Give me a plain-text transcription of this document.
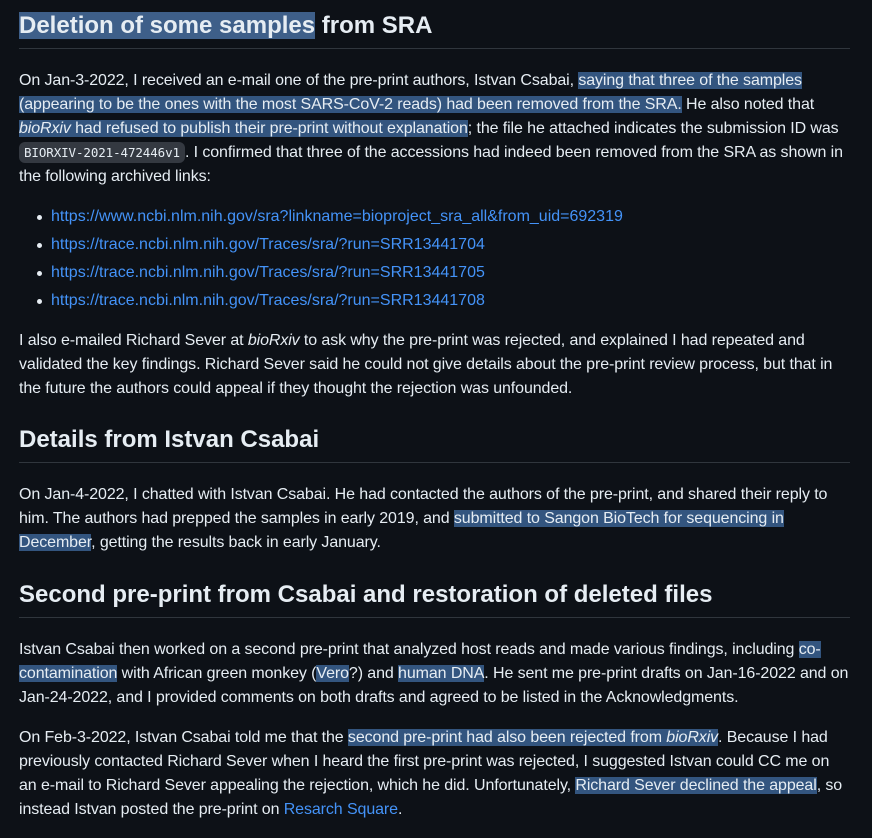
Deletion of some samples from SRA

On Jan-3-2022, I received an e-mail one of the pre-print authors, Istvan Csabai, saying that three of the samples (appearing to be the ones with the most SARS-CoV-2 reads) had been removed from the SRA. He also noted that bioRxiv had refused to publish their pre-print without explanation; the file he attached indicates the submission ID was BIORXIV-2021-472446v1 . I confirmed that three of the accessions had indeed been removed from the SRA as shown in the following archived links:

https://www.ncbi.nlm.nih.gov/sra?linkname=bioproject_sra_all&from_uid=692319
https://trace.ncbi.nlm.nih.gov/Traces/sra/?run=SRR13441704
https://trace.ncbi.nlm.nih.gov/Traces/sra/?run=SRR13441705
https://trace.ncbi.nlm.nih.gov/Traces/sra/?run=SRR13441708

I also e-mailed Richard Sever at bioRxiv to ask why the pre-print was rejected, and explained I had repeated and validated the key findings. Richard Sever said he could not give details about the pre-print review process, but that in the future the authors could appeal if they thought the rejection was unfounded.

Details from Istvan Csabai

On Jan-4-2022, I chatted with Istvan Csabai. He had contacted the authors of the pre-print, and shared their reply to him. The authors had prepped the samples in early 2019, and submitted to Sangon BioTech for sequencing in December, getting the results back in early January.

Second pre-print from Csabai and restoration of deleted files

Istvan Csabai then worked on a second pre-print that analyzed host reads and made various findings, including co-contamination with African green monkey (Vero?) and human DNA. He sent me pre-print drafts on Jan-16-2022 and on Jan-24-2022, and I provided comments on both drafts and agreed to be listed in the Acknowledgments.

On Feb-3-2022, Istvan Csabai told me that the second pre-print had also been rejected from bioRxiv. Because I had previously contacted Richard Sever when I heard the first pre-print was rejected, I suggested Istvan could CC me on an e-mail to Richard Sever appealing the rejection, which he did. Unfortunately, Richard Sever declined the appeal, so instead Istvan posted the pre-print on Resarch Square.
